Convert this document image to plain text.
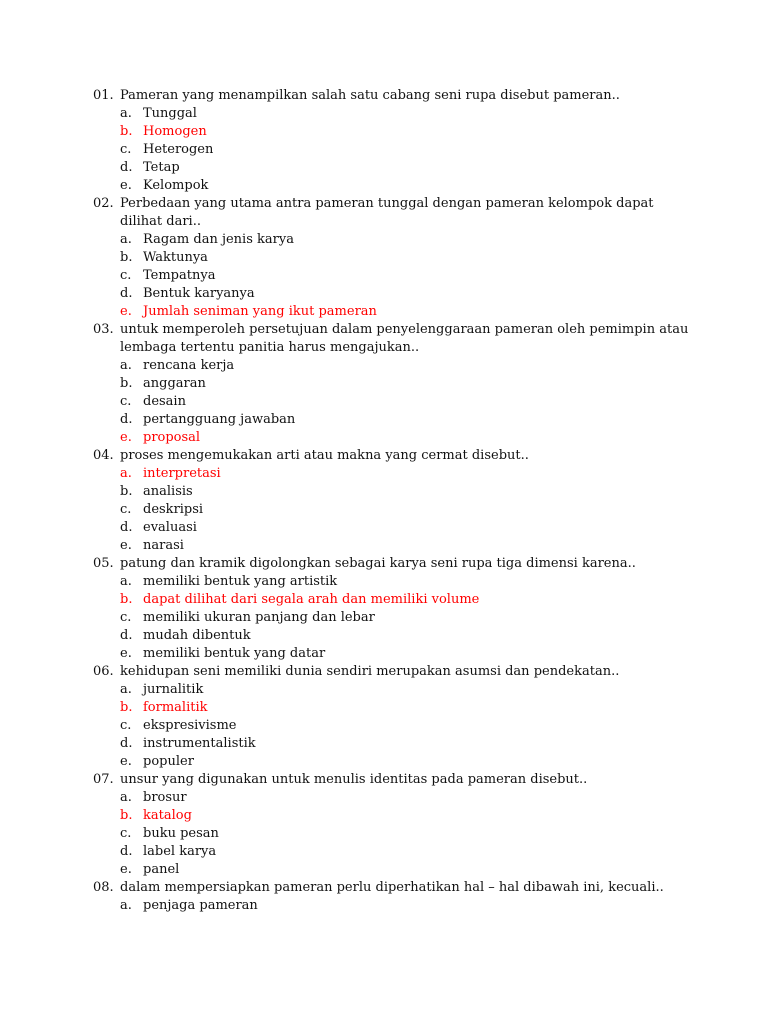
01. Pameran yang menampilkan salah satu cabang seni rupa disebut pameran..
a. Tunggal
b. Homogen
c. Heterogen
d. Tetap
e. Kelompok
02. Perbedaan yang utama antra pameran tunggal dengan pameran kelompok dapat dilihat dari..
a. Ragam dan jenis karya
b. Waktunya
c. Tempatnya
d. Bentuk karyanya
e. Jumlah seniman yang ikut pameran
03. untuk memperoleh persetujuan dalam penyelenggaraan pameran oleh pemimpin atau lembaga tertentu panitia harus mengajukan..
a. rencana kerja
b. anggaran
c. desain
d. pertangguang jawaban
e. proposal
04. proses mengemukakan arti atau makna yang cermat disebut..
a. interpretasi
b. analisis
c. deskripsi
d. evaluasi
e. narasi
05. patung dan kramik digolongkan sebagai karya seni rupa tiga dimensi karena..
a. memiliki bentuk yang artistik
b. dapat dilihat dari segala arah dan memiliki volume
c. memiliki ukuran panjang dan lebar
d. mudah dibentuk
e. memiliki bentuk yang datar
06. kehidupan seni memiliki dunia sendiri merupakan asumsi dan pendekatan..
a. jurnalitik
b. formalitik
c. ekspresivisme
d. instrumentalistik
e. populer
07. unsur yang digunakan untuk menulis identitas pada pameran disebut..
a. brosur
b. katalog
c. buku pesan
d. label karya
e. panel
08. dalam mempersiapkan pameran perlu diperhatikan hal – hal dibawah ini, kecuali..
a. penjaga pameran
